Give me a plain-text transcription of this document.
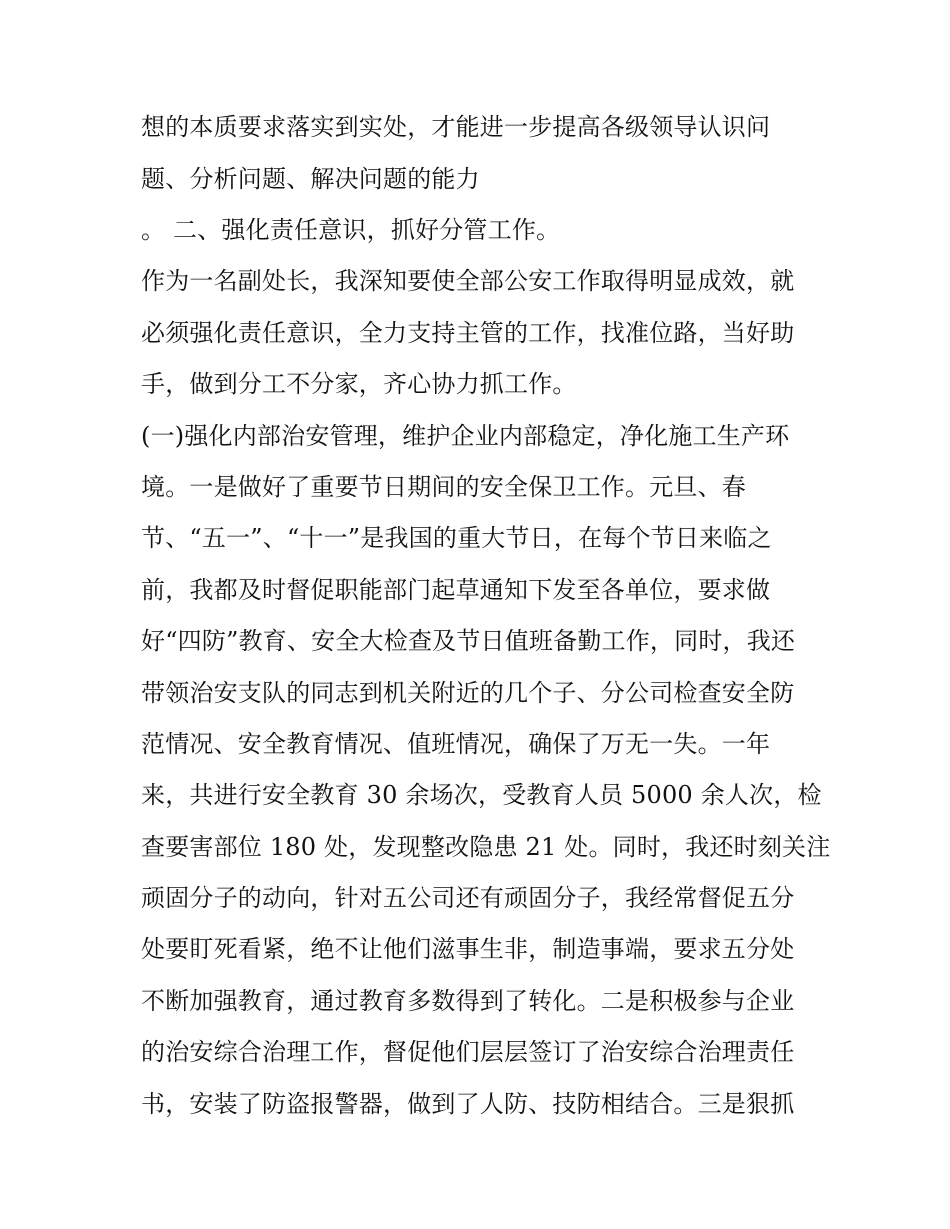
想的本质要求落实到实处，才能进一步提高各级领导认识问
题、分析问题、解决问题的能力
。 二、强化责任意识，抓好分管工作。
作为一名副处长，我深知要使全部公安工作取得明显成效，就
必须强化责任意识，全力支持主管的工作，找准位路，当好助
手，做到分工不分家，齐心协力抓工作。
(一)强化内部治安管理，维护企业内部稳定，净化施工生产环
境。一是做好了重要节日期间的安全保卫工作。元旦、春
节、“五一”、“十一”是我国的重大节日，在每个节日来临之
前，我都及时督促职能部门起草通知下发至各单位，要求做
好“四防”教育、安全大检查及节日值班备勤工作，同时，我还
带领治安支队的同志到机关附近的几个子、分公司检查安全防
范情况、安全教育情况、值班情况，确保了万无一失。一年
来，共进行安全教育 30 余场次，受教育人员 5000 余人次，检
查要害部位 180 处，发现整改隐患 21 处。同时，我还时刻关注
顽固分子的动向，针对五公司还有顽固分子，我经常督促五分
处要盯死看紧，绝不让他们滋事生非，制造事端，要求五分处
不断加强教育，通过教育多数得到了转化。二是积极参与企业
的治安综合治理工作，督促他们层层签订了治安综合治理责任
书，安装了防盗报警器，做到了人防、技防相结合。三是狠抓
